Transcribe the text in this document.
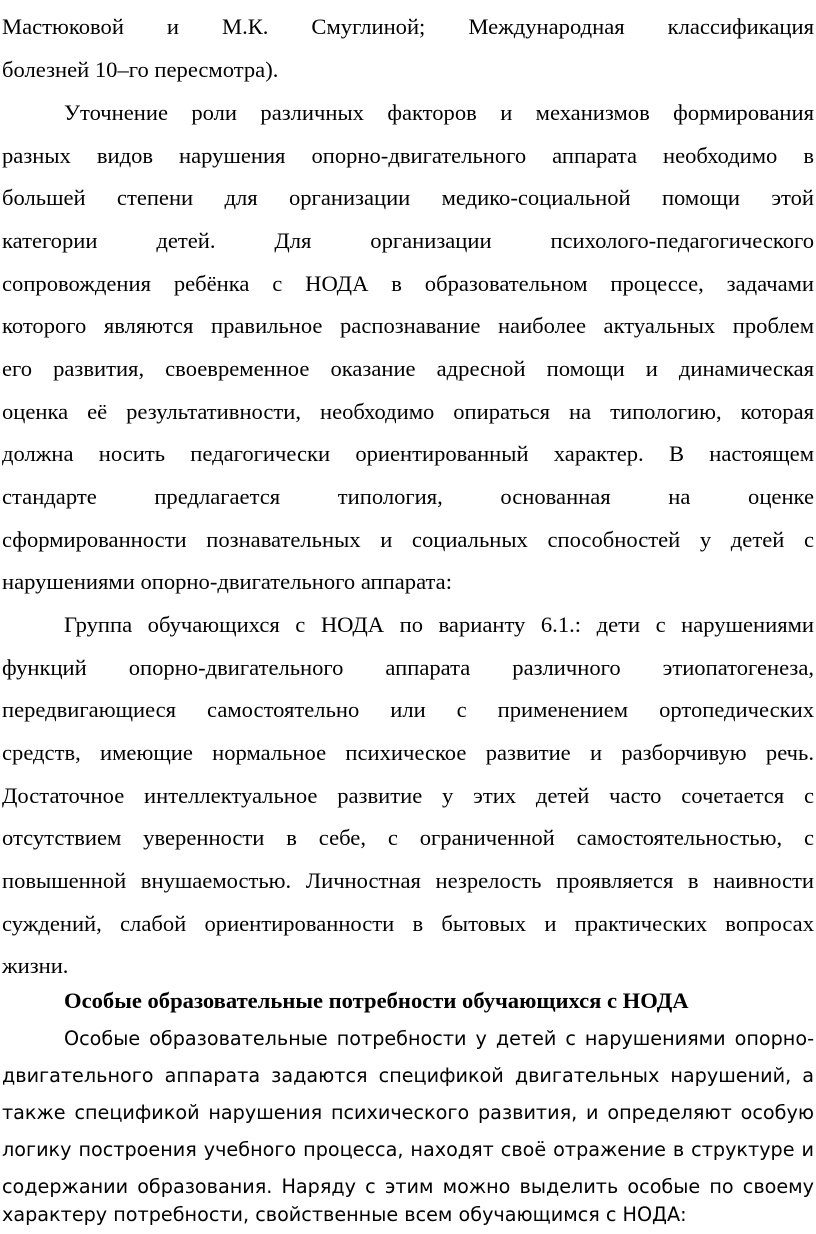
Мастюковой и М.К. Смуглиной; Международная классификация
болезней 10–го пересмотра).
Уточнение роли различных факторов и механизмов формирования
разных видов нарушения опорно-двигательного аппарата необходимо в
большей степени для организации медико-социальной помощи этой
категории детей. Для организации психолого-педагогического
сопровождения ребёнка с НОДА в образовательном процессе, задачами
которого являются правильное распознавание наиболее актуальных проблем
его развития, своевременное оказание адресной помощи и динамическая
оценка её результативности, необходимо опираться на типологию, которая
должна носить педагогически ориентированный характер. В настоящем
стандарте предлагается типология, основанная на оценке
сформированности познавательных и социальных способностей у детей с
нарушениями опорно-двигательного аппарата:
Группа обучающихся с НОДА по варианту 6.1.: дети с нарушениями
функций опорно-двигательного аппарата различного этиопатогенеза,
передвигающиеся самостоятельно или с применением ортопедических
средств, имеющие нормальное психическое развитие и разборчивую речь.
Достаточное интеллектуальное развитие у этих детей часто сочетается с
отсутствием уверенности в себе, с ограниченной самостоятельностью, с
повышенной внушаемостью. Личностная незрелость проявляется в наивности
суждений, слабой ориентированности в бытовых и практических вопросах
жизни.
Особые образовательные потребности обучающихся с НОДА
Особые образовательные потребности у детей с нарушениями опорно-
двигательного аппарата задаются спецификой двигательных нарушений, а
также спецификой нарушения психического развития, и определяют особую
логику построения учебного процесса, находят своё отражение в структуре и
содержании образования. Наряду с этим можно выделить особые по своему
характеру потребности, свойственные всем обучающимся с НОДА:
